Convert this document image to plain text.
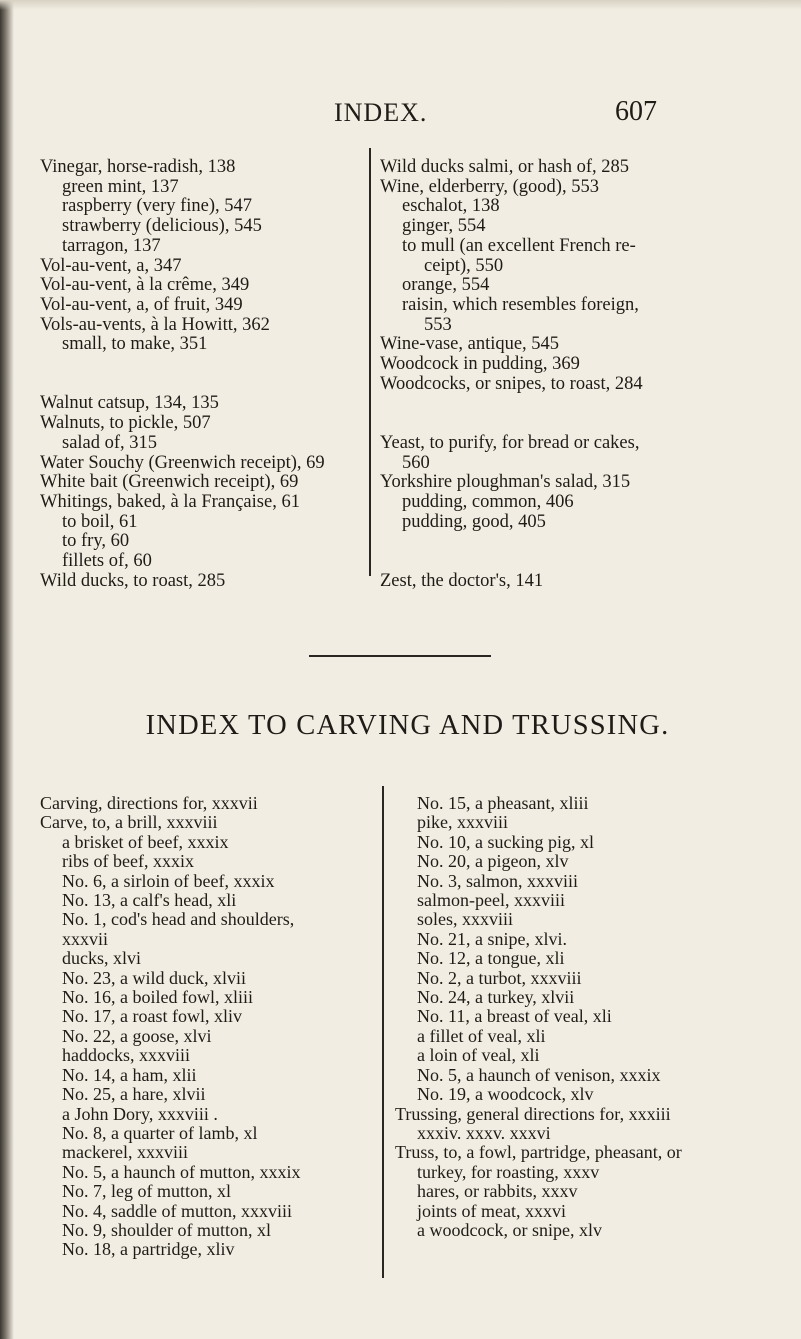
INDEX.	607
Vinegar, horse-radish, 138
green mint, 137
raspberry (very fine), 547
strawberry (delicious), 545
tarragon, 137
Vol-au-vent, a, 347
Vol-au-vent, à la crême, 349
Vol-au-vent, a, of fruit, 349
Vols-au-vents, à la Howitt, 362
small, to make, 351
Walnut catsup, 134, 135
Walnuts, to pickle, 507
salad of, 315
Water Souchy (Greenwich receipt), 69
White bait (Greenwich receipt), 69
Whitings, baked, à la Française, 61
to boil, 61
to fry, 60
fillets of, 60
Wild ducks, to roast, 285
Wild ducks salmi, or hash of, 285
Wine, elderberry, (good), 553
eschalot, 138
ginger, 554
to mull (an excellent French re-
ceipt), 550
orange, 554
raisin, which resembles foreign,
553
Wine-vase, antique, 545
Woodcock in pudding, 369
Woodcocks, or snipes, to roast, 284
Yeast, to purify, for bread or cakes,
560
Yorkshire ploughman's salad, 315
pudding, common, 406
pudding, good, 405
Zest, the doctor's, 141
INDEX TO CARVING AND TRUSSING.
Carving, directions for, xxxvii
Carve, to, a brill, xxxviii
a brisket of beef, xxxix
ribs of beef, xxxix
No. 6, a sirloin of beef, xxxix
No. 13, a calf's head, xli
No. 1, cod's head and shoulders,
xxxvii
ducks, xlvi
No. 23, a wild duck, xlvii
No. 16, a boiled fowl, xliii
No. 17, a roast fowl, xliv
No. 22, a goose, xlvi
haddocks, xxxviii
No. 14, a ham, xlii
No. 25, a hare, xlvii
a John Dory, xxxviii .
No. 8, a quarter of lamb, xl
mackerel, xxxviii
No. 5, a haunch of mutton, xxxix
No. 7, leg of mutton, xl
No. 4, saddle of mutton, xxxviii
No. 9, shoulder of mutton, xl
No. 18, a partridge, xliv
No. 15, a pheasant, xliii
pike, xxxviii
No. 10, a sucking pig, xl
No. 20, a pigeon, xlv
No. 3, salmon, xxxviii
salmon-peel, xxxviii
soles, xxxviii
No. 21, a snipe, xlvi.
No. 12, a tongue, xli
No. 2, a turbot, xxxviii
No. 24, a turkey, xlvii
No. 11, a breast of veal, xli
a fillet of veal, xli
a loin of veal, xli
No. 5, a haunch of venison, xxxix
No. 19, a woodcock, xlv
Trussing, general directions for, xxxiii
xxxiv. xxxv. xxxvi
Truss, to, a fowl, partridge, pheasant, or
turkey, for roasting, xxxv
hares, or rabbits, xxxv
joints of meat, xxxvi
a woodcock, or snipe, xlv
